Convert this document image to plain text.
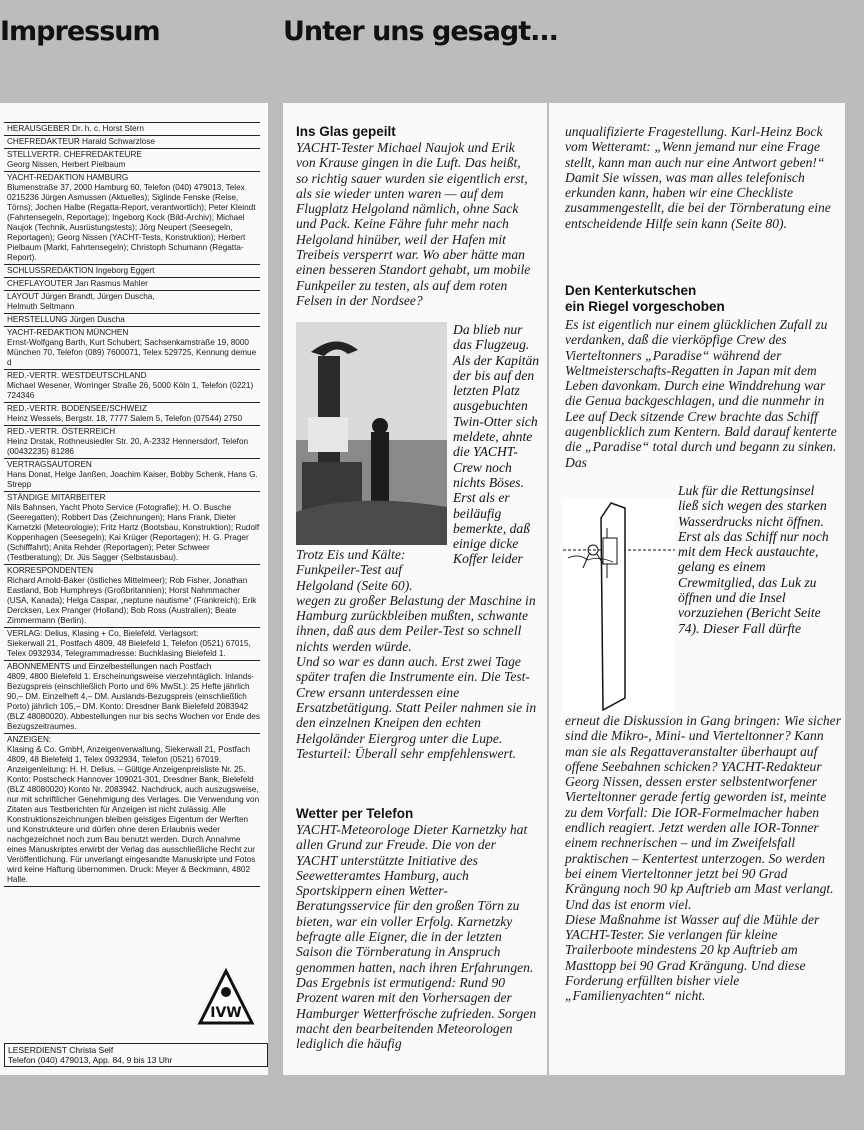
Impressum	Unter uns gesagt...
HERAUSGEBER Dr. h. c. Horst Stern
CHEFREDAKTEUR Harald Schwarzlose
STELLVERTR. CHEFREDAKTEURE
Georg Nissen, Herbert Pielbaum
YACHT-REDAKTION HAMBURG
Blumenstraße 37, 2000 Hamburg 60, Telefon (040) 479013, Telex 0215236 Jürgen Asmussen (Aktuelles); Siglinde Fenske (Reise, Törns); Jochen Halbe (Regatta-Report, verantwortlich); Peter Kleindt (Fahrtensegeln, Reportage); Ingeborg Kock (Bild-Archiv); Michael Naujok (Technik, Ausrüstungstests); Jörg Neupert (Seesegeln, Reportagen); Georg Nissen (YACHT-Tests, Konstruktion); Herbert Pielbaum (Markt, Fahrtensegeln); Christoph Schumann (Regatta-Report).
SCHLUSSREDAKTION Ingeborg Eggert
CHEFLAYOUTER Jan Rasmus Mahler
LAYOUT Jürgen Brandt, Jürgen Duscha,
Helmuth Seltmann
HERSTELLUNG Jürgen Duscha
YACHT-REDAKTION MÜNCHEN
Ernst-Wolfgang Barth, Kurt Schubert; Sachsenkamstraße 19, 8000 München 70, Telefon (089) 7600071, Telex 529725, Kennung demue d
RED.-VERTR. WESTDEUTSCHLAND
Michael Wesener, Worringer Straße 26, 5000 Köln 1, Telefon (0221) 724346
RED.-VERTR. BODENSEE/SCHWEIZ
Heinz Wessels, Bergstr. 18, 7777 Salem 5, Telefon (07544) 2750
RED.-VERTR. ÖSTERREICH
Heinz Drstak, Rothneusiedler Str. 20, A-2332 Hennersdorf, Telefon (00432235) 81286
VERTRAGSAUTOREN
Hans Donat, Helge Janßen, Joachim Kaiser, Bobby Schenk, Hans G. Strepp
STÄNDIGE MITARBEITER
Nils Bahnsen, Yacht Photo Service (Fotografie); H. O. Busche (Seeregatten); Robbert Das (Zeichnungen); Hans Frank, Dieter Karnetzki (Meteorologie); Fritz Hartz (Bootsbau, Konstruktion); Rudolf Koppenhagen (Seesegeln); Kai Krüger (Reportagen); H. G. Prager (Schifffahrt); Anita Rehder (Reportagen); Peter Schweer (Testberatung); Dr. Jüs Sagger (Selbstausbau).
KORRESPONDENTEN
Richard Arnold-Baker (östliches Mittelmeer); Rob Fisher, Jonathan Eastland, Bob Humphreys (Großbritannien); Horst Nahmmacher (USA, Kanada); Helga Caspar, „neptune nautisme“ (Frankreich); Erik Dercksen, Lex Pranger (Holland); Bob Ross (Australien); Beate Zimmermann (Berlin).
VERLAG: Delius, Klasing + Co, Bielefeld. Verlagsort:
Siekerwall 21, Postfach 4809, 48 Bielefeld 1, Telefon (0521) 67015, Telex 0932934, Telegrammadresse: Buchklasing Bielefeld 1.
ABONNEMENTS und Einzelbestellungen nach Postfach
4809, 4800 Bielefeld 1. Erscheinungsweise vierzehntäglich. Inlands-Bezugspreis (einschließlich Porto und 6% MwSt.): 25 Hefte jährlich 90,– DM. Einzelheft 4,– DM. Auslands-Bezugspreis (einschließlich Porto) jährlich 105,– DM. Konto: Dresdner Bank Bielefeld 2083942 (BLZ 48080020). Abbestellungen nur bis sechs Wochen vor Ende des Bezugszeitraumes.
ANZEIGEN:
Klasing & Co. GmbH, Anzeigenverwaltung, Siekerwall 21, Postfach 4809, 48 Bielefeld 1, Telex 0932934, Telefon (0521) 67019. Anzeigenleitung: H. H. Delius. – Gültige Anzeigenpreisliste Nr. 25. Konto: Postscheck Hannover 109021-301, Dresdner Bank, Bielefeld (BLZ 48080020) Konto Nr. 2083942. Nachdruck, auch auszugsweise, nur mit schriftlicher Genehmigung des Verlages. Die Verwendung von Zitaten aus Testberichten für Anzeigen ist nicht zulässig. Alle Konstruktionszeichnungen bleiben geistiges Eigentum der Werften und Konstrukteure und dürfen ohne deren Erlaubnis weder nachgezeichnet noch zum Bau benutzt werden. Durch Annahme eines Manuskriptes erwirbt der Verlag das ausschließliche Recht zur Veröffentlichung. Für unverlangt eingesandte Manuskripte und Fotos wird keine Haftung übernommen. Druck: Meyer & Beckmann, 4802 Halle.
IVW
LESERDIENST Christa Self
Telefon (040) 479013, App. 84, 9 bis 13 Uhr
Ins Glas gepeilt

YACHT-Tester Michael Naujok und Erik von Krause gingen in die Luft. Das heißt, so richtig sauer wurden sie eigentlich erst, als sie wieder unten waren — auf dem Flugplatz Helgoland nämlich, ohne Sack und Pack. Keine Fähre fuhr mehr nach Helgoland hinüber, weil der Hafen mit Treibeis versperrt war. Wo aber hätte man einen besseren Standort gehabt, um mobile Funkpeiler zu testen, als auf dem roten Felsen in der Nordsee?

Da blieb nur das Flugzeug. Als der Kapitän der bis auf den letzten Platz ausgebuchten Twin-Otter sich meldete, ahnte die YACHT-Crew noch nichts Böses. Erst als er beiläufig bemerkte, daß einige dicke Koffer leider

Trotz Eis und Kälte: Funkpeiler-Test auf Helgoland (Seite 60).

wegen zu großer Belastung der Maschine in Hamburg zurückbleiben mußten, schwante ihnen, daß aus dem Peiler-Test so schnell nichts werden würde.

Und so war es dann auch. Erst zwei Tage später trafen die Instrumente ein. Die Test-Crew ersann unterdessen eine Ersatzbetätigung. Statt Peiler nahmen sie in den einzelnen Kneipen den echten Helgoländer Eiergrog unter die Lupe. Testurteil: Überall sehr empfehlenswert.

Wetter per Telefon

YACHT-Meteorologe Dieter Karnetzky hat allen Grund zur Freude. Die von der YACHT unterstützte Initiative des Seewetteramtes Hamburg, auch Sportskippern einen Wetter-Beratungsservice für den großen Törn zu bieten, war ein voller Erfolg. Karnetzky befragte alle Eigner, die in der letzten Saison die Törnberatung in Anspruch genommen hatten, nach ihren Erfahrungen. Das Ergebnis ist ermutigend: Rund 90 Prozent waren mit den Vorhersagen der Hamburger Wetterfrösche zufrieden. Sorgen macht den bearbeitenden Meteorologen lediglich die häufig

unqualifizierte Fragestellung. Karl-Heinz Bock vom Wetteramt: „Wenn jemand nur eine Frage stellt, kann man auch nur eine Antwort geben!“ Damit Sie wissen, was man alles telefonisch erkunden kann, haben wir eine Checkliste zusammengestellt, die bei der Törnberatung eine entscheidende Hilfe sein kann (Seite 80).

Den Kenterkutschen
ein Riegel vorgeschoben

Es ist eigentlich nur einem glücklichen Zufall zu verdanken, daß die vierköpfige Crew des Vierteltonners „Paradise“ während der Weltmeisterschafts-Regatten in Japan mit dem Leben davonkam. Durch eine Winddrehung war die Genua backgeschlagen, und die nunmehr in Lee auf Deck sitzende Crew brachte das Schiff augenblicklich zum Kentern. Bald darauf kenterte die „Paradise“ total durch und begann zu sinken. Das

Luk für die Rettungsinsel ließ sich wegen des starken Wasserdrucks nicht öffnen. Erst als das Schiff nur noch mit dem Heck austauchte, gelang es einem Crewmitglied, das Luk zu öffnen und die Insel vorzuziehen (Bericht Seite 74). Dieser Fall dürfte

erneut die Diskussion in Gang bringen: Wie sicher sind die Mikro-, Mini- und Vierteltonner? Kann man sie als Regattaveranstalter überhaupt auf offene Seebahnen schicken? YACHT-Redakteur Georg Nissen, dessen erster selbstentworfener Vierteltonner gerade fertig geworden ist, meinte zu dem Vorfall: Die IOR-Formelmacher haben endlich reagiert. Jetzt werden alle IOR-Tonner einem rechnerischen – und im Zweifelsfall praktischen – Kentertest unterzogen. So werden bei einem Vierteltonner jetzt bei 90 Grad Krängung noch 90 kp Auftrieb am Mast verlangt. Und das ist enorm viel.

Diese Maßnahme ist Wasser auf die Mühle der YACHT-Tester. Sie verlangen für kleine Trailerboote mindestens 20 kp Auftrieb am Masttopp bei 90 Grad Krängung. Und diese Forderung erfüllten bisher viele „Familienyachten“ nicht.
